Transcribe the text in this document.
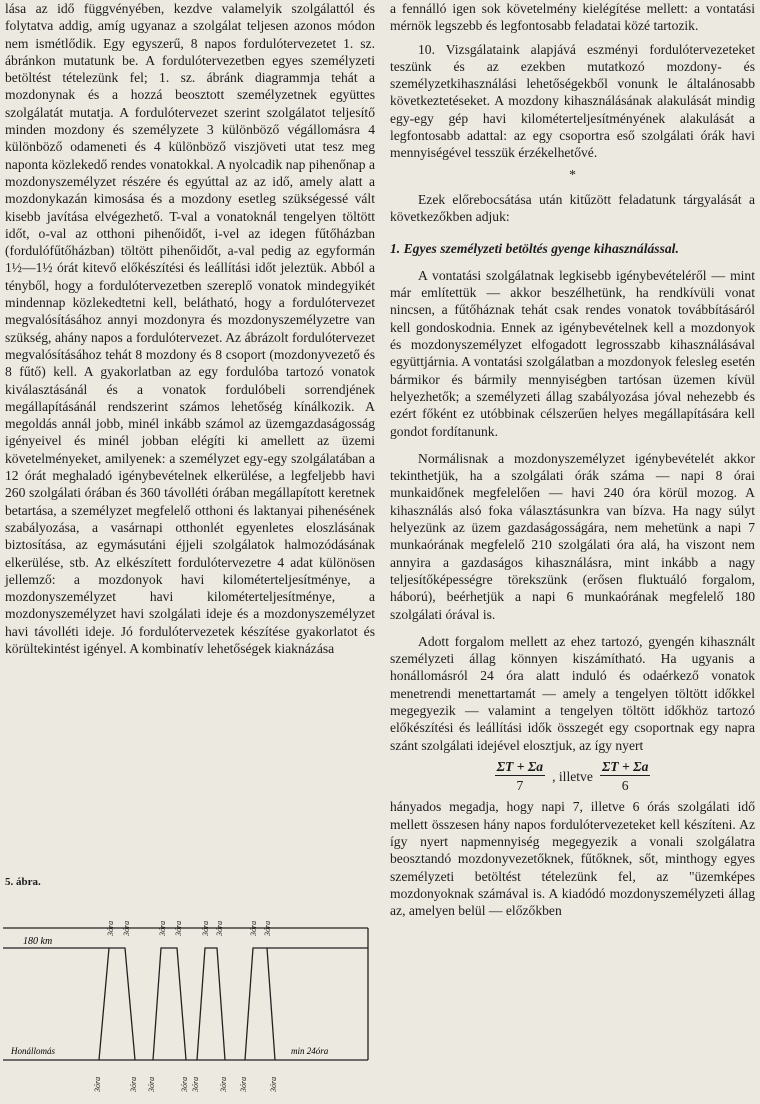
lása az idő függvényében, kezdve valamelyik szolgálattól és folytatva addig, amíg ugyanaz a szolgálat teljesen azonos módon nem ismétlődik. Egy egyszerű, 8 napos fordulótervezetet 1. sz. ábránkon mutatunk be. A fordulótervezetben egyes személyzeti betöltést tételezünk fel; 1. sz. ábránk diagrammja tehát a mozdonynak és a hozzá beosztott személyzetnek együttes szolgálatát mutatja. A fordulótervezet szerint szolgálatot teljesítő minden mozdony és személyzete 3 különböző végállomásra 4 különböző odameneti és 4 különböző viszjöveti utat tesz meg naponta közlekedő rendes vonatokkal. A nyolcadik nap pihenőnap a mozdonyszemélyzet részére és egyúttal az az idő, amely alatt a mozdonykazán kimosása és a mozdony esetleg szükségessé vált kisebb javítása elvégezhető. T-val a vonatoknál tengelyen töltött időt, o-val az otthoni pihenőidőt, i-vel az idegen fűtőházban (fordulófűtőházban) töltött pihenőidőt, a-val pedig az egyformán 1½—1½ órát kitevő előkészítési és leállítási időt jeleztük. Abból a tényből, hogy a fordulótervezetben szereplő vonatok mindegyikét mindennap közlekedtetni kell, belátható, hogy a fordulótervezet megvalósításához annyi mozdonyra és mozdonyszemélyzetre van szükség, ahány napos a fordulótervezet. Az ábrázolt fordulótervezet megvalósításához tehát 8 mozdony és 8 csoport (mozdonyvezető és 8 fűtő) kell. A gyakorlatban az egy fordulóba tartozó vonatok kiválasztásánál és a vonatok fordulóbeli sorrendjének megállapításánál rendszerint számos lehetőség kínálkozik. A megoldás annál jobb, minél inkább számol az üzemgazdaságosság igényeivel és minél jobban elégíti ki amellett az üzemi követelményeket, amilyenek: a személyzet egy-egy szolgálatában a 12 órát meghaladó igénybevételnek elkerülése, a legfeljebb havi 260 szolgálati órában és 360 távolléti órában megállapított keretnek betartása, a személyzet megfelelő otthoni és laktanyai pihenésének szabályozása, a vasárnapi otthonlét egyenletes eloszlásának biztosítása, az egymásutáni éjjeli szolgálatok halmozódásának elkerülése, stb. Az elkészített fordulótervezetre 4 adat különösen jellemző: a mozdonyok havi kilométerteljesítménye, a mozdonyszemélyzet havi kilométerteljesítménye, a mozdonyszemélyzet havi szolgálati ideje és a mozdonyszemélyzet havi távolléti ideje. Jó fordulótervezetek készítése gyakorlatot és körültekintést igényel. A kombinatív lehetőségek kiaknázása

5. ábra.
180 km
Honállomás	min 24óra
3óra 3óra	3óra 3óra 3óra 3óra	3óra 3óra
3óra	3óra 3óra	3óra 3óra 3óra 3óra	3óra

a fennálló igen sok követelmény kielégítése mellett: a vontatási mérnök legszebb és legfontosabb feladatai közé tartozik.

10. Vizsgálataink alapjává eszményi fordulótervezeteket teszünk és az ezekben mutatkozó mozdony- és személyzetkihasználási lehetőségekből vonunk le általánosabb következtetéseket. A mozdony kihasználásának alakulását mindig egy-egy gép havi kilométerteljesítményének alakulását a legfontosabb adattal: az egy csoportra eső szolgálati órák havi mennyiségével tesszük érzékelhetővé.

*

Ezek előrebocsátása után kitűzött feladatunk tárgyalását a következőkben adjuk:

1. Egyes személyzeti betöltés gyenge kihasználással.

A vontatási szolgálatnak legkisebb igénybevételéről — mint már említettük — akkor beszélhetünk, ha rendkívüli vonat nincsen, a fűtőháznak tehát csak rendes vonatok továbbításáról kell gondoskodnia. Ennek az igénybevételnek kell a mozdonyok és mozdonyszemélyzet elfogadott legrosszabb kihasználásával együttjárnia. A vontatási szolgálatban a mozdonyok felesleg esetén bármikor és bármily mennyiségben tartósan üzemen kívül helyezhetők; a személyzeti állag szabályozása jóval nehezebb és ezért főként ez utóbbinak célszerűen helyes megállapítására kell gondot fordítanunk.

Normálisnak a mozdonyszemélyzet igénybevételét akkor tekinthetjük, ha a szolgálati órák száma — napi 8 órai munkaidőnek megfelelően — havi 240 óra körül mozog. A kihasználás alsó foka választásunkra van bízva. Ha nagy súlyt helyezünk az üzem gazdaságosságára, nem mehetünk a napi 7 munkaórának megfelelő 210 szolgálati óra alá, ha viszont nem annyira a gazdaságos kihasználásra, mint inkább a nagy teljesítőképességre törekszünk (erősen fluktuáló forgalom, háború), beérhetjük a napi 6 munkaórának megfelelő 180 szolgálati órával is.

Adott forgalom mellett az ehez tartozó, gyengén kihasznált személyzeti állag könnyen kiszámítható. Ha ugyanis a honállomásról 24 óra alatt induló és odaérkező vonatok menetrendi menettartamát — amely a tengelyen töltött időkkel megegyezik — valamint a tengelyen töltött időkhöz tartozó előkészítési és leállítási idők összegét egy csoportnak egy napra szánt szolgálati idejével elosztjuk, az így nyert

$\frac{\Sigma T + \Sigma a}{7}$ , illetve $\frac{\Sigma T + \Sigma a}{6}$

hányados megadja, hogy napi 7, illetve 6 órás szolgálati idő mellett összesen hány napos fordulótervezeteket kell készíteni. Az így nyert napmennyiség megegyezik a vonali szolgálatra beosztandó mozdonyvezetőknek, fűtőknek, sőt, minthogy egyes személyzeti betöltést tételezünk fel, az "üzemképes mozdonyoknak számával is. A kiadódó mozdonyszemélyzeti állag az, amelyen belül — előzőkben
